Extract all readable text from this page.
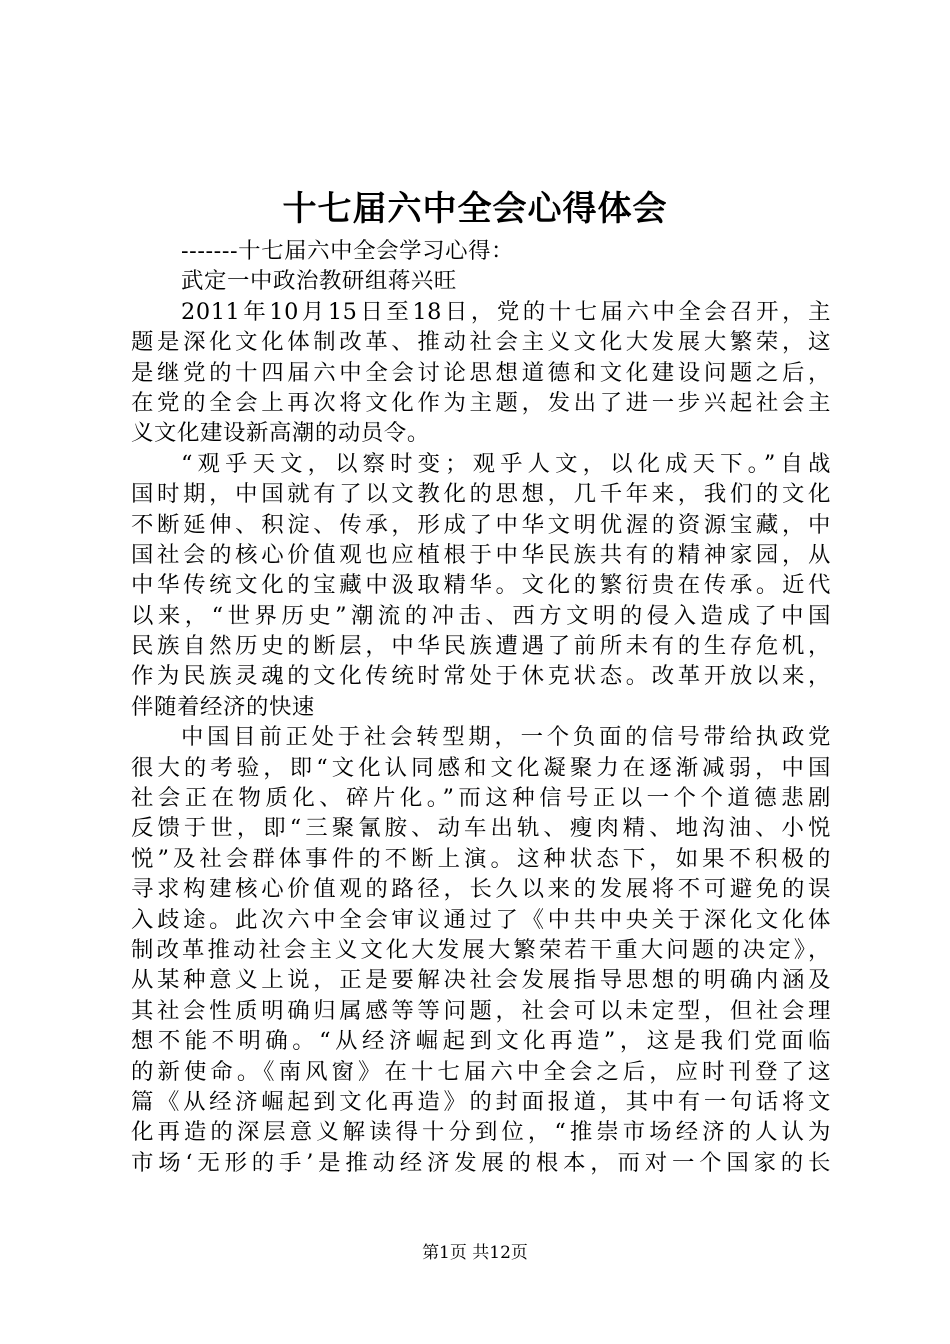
十七届六中全会心得体会
-------十七届六中全会学习心得：
武定一中政治教研组蒋兴旺
2011年10月15日至18日，党的十七届六中全会召开，主
题是深化文化体制改革、推动社会主义文化大发展大繁荣，这
是继党的十四届六中全会讨论思想道德和文化建设问题之后，
在党的全会上再次将文化作为主题，发出了进一步兴起社会主
义文化建设新高潮的动员令。
“观乎天文，以察时变；观乎人文，以化成天下。”自战
国时期，中国就有了以文教化的思想，几千年来，我们的文化
不断延伸、积淀、传承，形成了中华文明优渥的资源宝藏，中
国社会的核心价值观也应植根于中华民族共有的精神家园，从
中华传统文化的宝藏中汲取精华。文化的繁衍贵在传承。近代
以来，“世界历史”潮流的冲击、西方文明的侵入造成了中国
民族自然历史的断层，中华民族遭遇了前所未有的生存危机，
作为民族灵魂的文化传统时常处于休克状态。改革开放以来，
伴随着经济的快速
中国目前正处于社会转型期，一个负面的信号带给执政党
很大的考验，即“文化认同感和文化凝聚力在逐渐减弱，中国
社会正在物质化、碎片化。”而这种信号正以一个个道德悲剧
反馈于世，即“三聚氰胺、动车出轨、瘦肉精、地沟油、小悦
悦”及社会群体事件的不断上演。这种状态下，如果不积极的
寻求构建核心价值观的路径，长久以来的发展将不可避免的误
入歧途。此次六中全会审议通过了《中共中央关于深化文化体
制改革推动社会主义文化大发展大繁荣若干重大问题的决定》，
从某种意义上说，正是要解决社会发展指导思想的明确内涵及
其社会性质明确归属感等等问题，社会可以未定型，但社会理
想不能不明确。“从经济崛起到文化再造”，这是我们党面临
的新使命。《南风窗》在十七届六中全会之后，应时刊登了这
篇《从经济崛起到文化再造》的封面报道，其中有一句话将文
化再造的深层意义解读得十分到位，“推崇市场经济的人认为
市场‘无形的手’是推动经济发展的根本，而对一个国家的长
第1页 共12页
